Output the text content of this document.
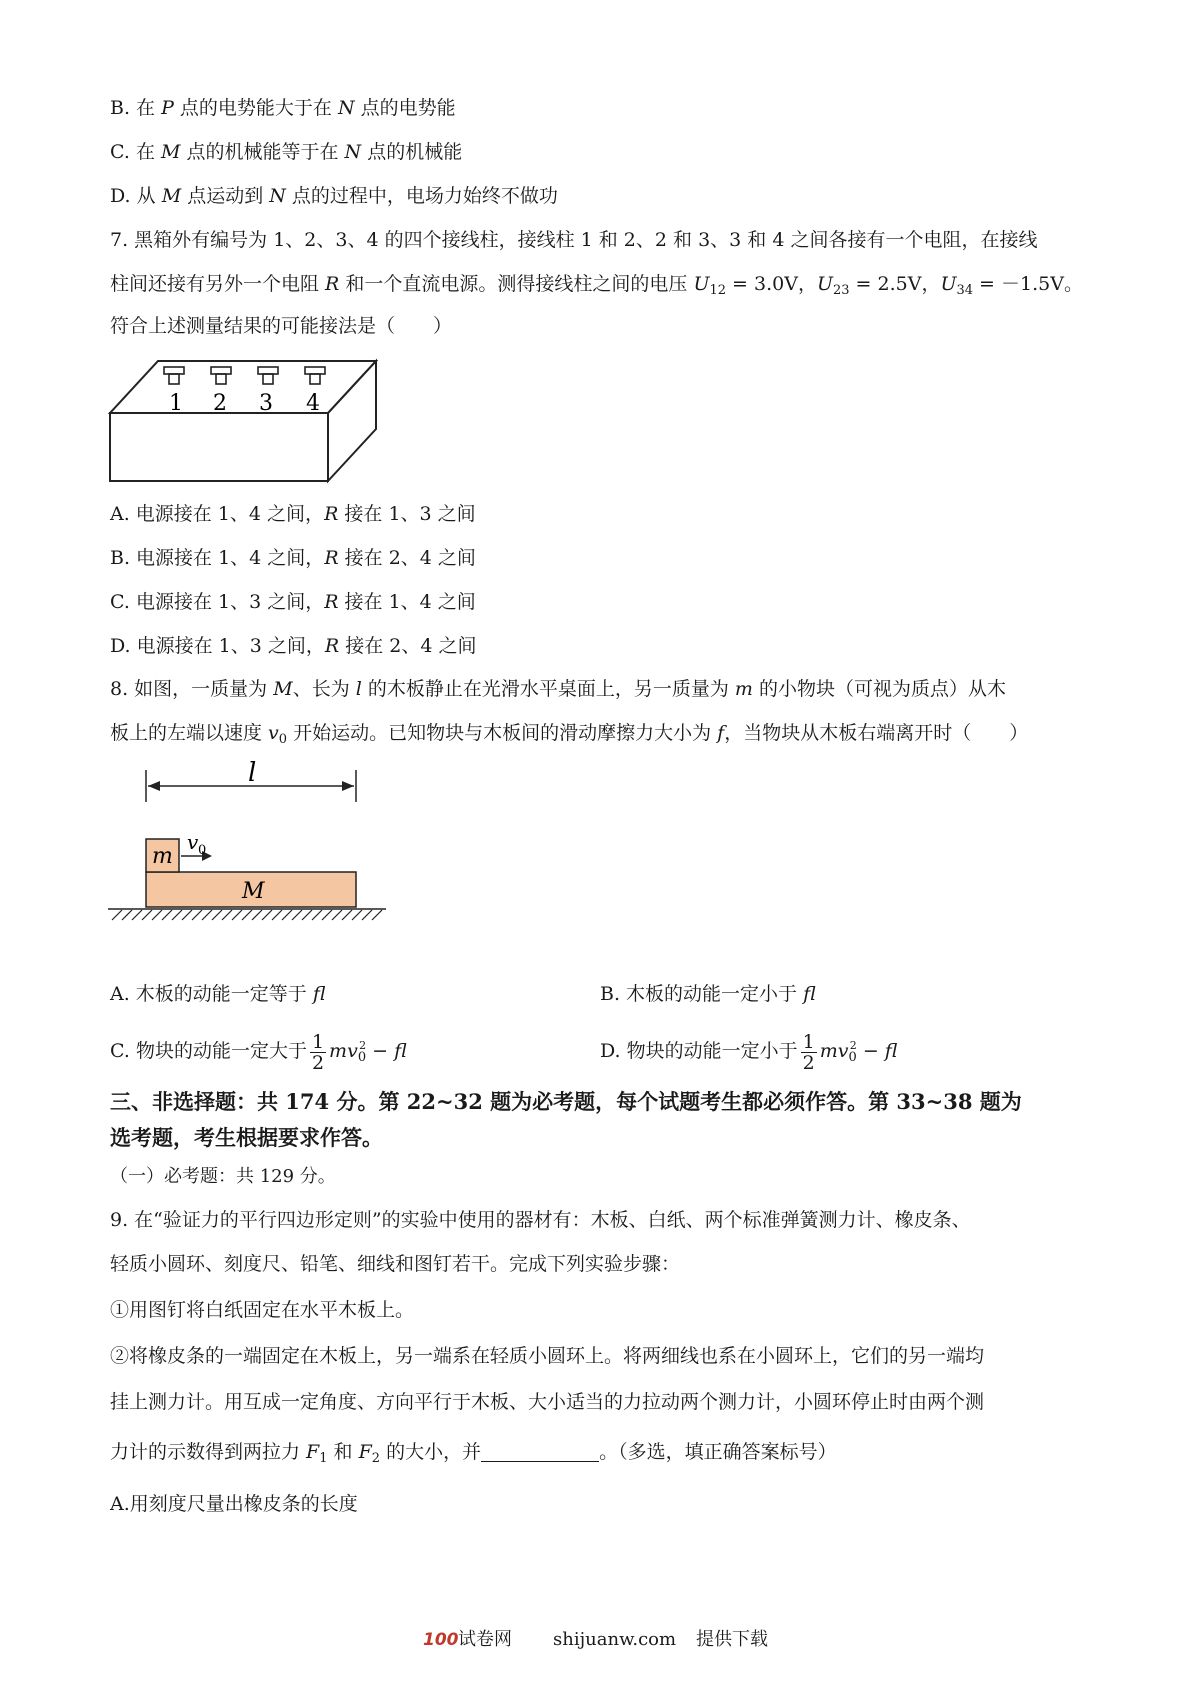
B. 在 P 点的电势能大于在 N 点的电势能
C. 在 M 点的机械能等于在 N 点的机械能
D. 从 M 点运动到 N 点的过程中，电场力始终不做功
7. 黑箱外有编号为 1、2、3、4 的四个接线柱，接线柱 1 和 2、2 和 3、3 和 4 之间各接有一个电阻，在接线
柱间还接有另外一个电阻 R 和一个直流电源。测得接线柱之间的电压 $U_{12} = 3.0V$，$U_{23} = 2.5V$，$U_{34} = -1.5V$。
符合上述测量结果的可能接法是（　　）
1 2 3 4
A. 电源接在 1、4 之间，R 接在 1、3 之间
B. 电源接在 1、4 之间，R 接在 2、4 之间
C. 电源接在 1、3 之间，R 接在 1、4 之间
D. 电源接在 1、3 之间，R 接在 2、4 之间
8. 如图，一质量为 M、长为 l 的木板静止在光滑水平桌面上，另一质量为 m 的小物块（可视为质点）从木
板上的左端以速度 $v_0$ 开始运动。已知物块与木板间的滑动摩擦力大小为 f，当物块从木板右端离开时（　　）
l
M
m
v 0
A. 木板的动能一定等于 fl	B. 木板的动能一定小于 fl
C. 物块的动能一定大于 $\frac{1}{2} mv_0^2$ − fl	D. 物块的动能一定小于 $\frac{1}{2} mv_0^2$ − fl
三、非选择题：共 174 分。第 22~32 题为必考题，每个试题考生都必须作答。第 33~38 题为
选考题，考生根据要求作答。
（一）必考题：共 129 分。
9. 在“验证力的平行四边形定则”的实验中使用的器材有：木板、白纸、两个标准弹簧测力计、橡皮条、
轻质小圆环、刻度尺、铅笔、细线和图钉若干。完成下列实验步骤：
①用图钉将白纸固定在水平木板上。
②将橡皮条的一端固定在木板上，另一端系在轻质小圆环上。将两细线也系在小圆环上，它们的另一端均
挂上测力计。用互成一定角度、方向平行于木板、大小适当的力拉动两个测力计，小圆环停止时由两个测
力计的示数得到两拉力 $F_1$ 和 $F_2$ 的大小，并	。（多选，填正确答案标号）
A.用刻度尺量出橡皮条的长度
100 试卷网 shijuanw.com 提供下载
